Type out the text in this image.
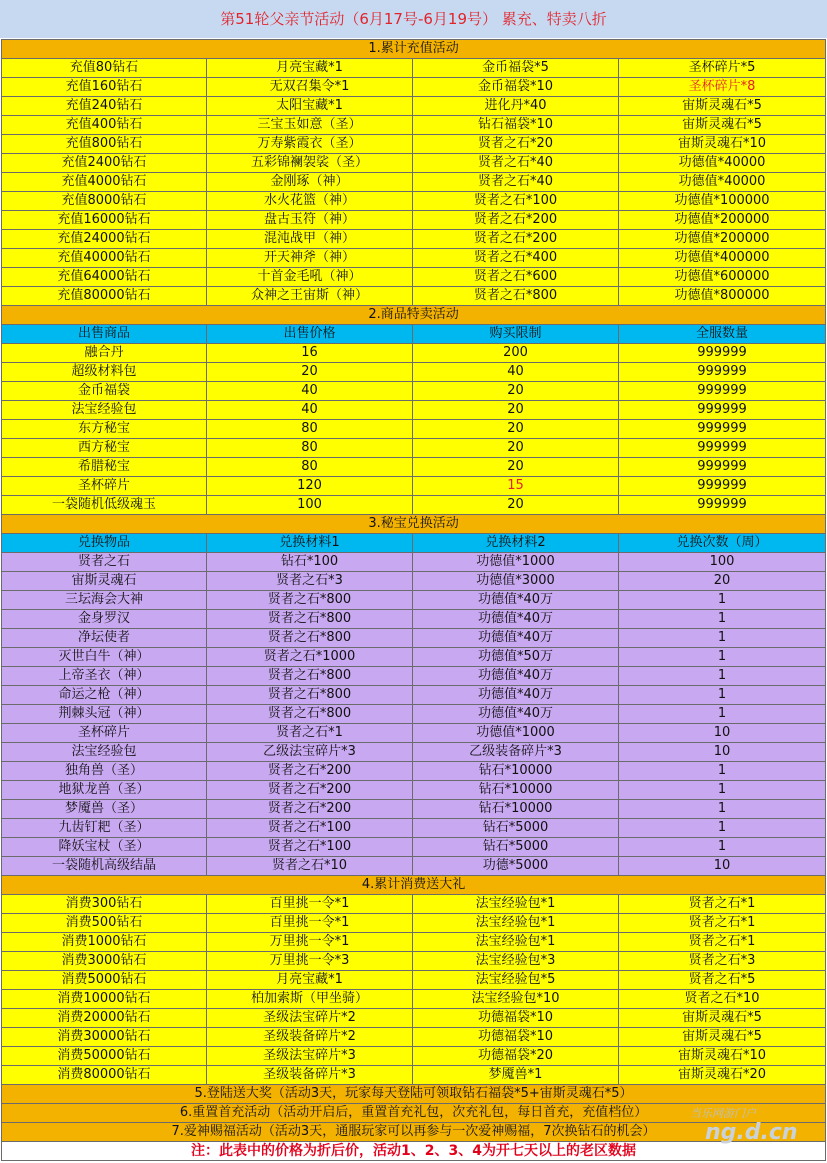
第51轮父亲节活动（6月17号-6月19号） 累充、特卖八折
1.累计充值活动			
充值80钻石	月亮宝藏*1	金币福袋*5	圣杯碎片*5
充值160钻石	无双召集令*1	金币福袋*10	圣杯碎片*8
充值240钻石	太阳宝藏*1	进化丹*40	宙斯灵魂石*5
充值400钻石	三宝玉如意（圣）	钻石福袋*10	宙斯灵魂石*5
充值800钻石	万寿紫霞衣（圣）	贤者之石*20	宙斯灵魂石*10
充值2400钻石	五彩锦襕袈裟（圣）	贤者之石*40	功德值*40000
充值4000钻石	金刚琢（神）	贤者之石*40	功德值*40000
充值8000钻石	水火花篮（神）	贤者之石*100	功德值*100000
充值16000钻石	盘古玉符（神）	贤者之石*200	功德值*200000
充值24000钻石	混沌战甲（神）	贤者之石*200	功德值*200000
充值40000钻石	开天神斧（神）	贤者之石*400	功德值*400000
充值64000钻石	十首金毛吼（神）	贤者之石*600	功德值*600000
充值80000钻石	众神之王宙斯（神）	贤者之石*800	功德值*800000
2.商品特卖活动			
出售商品	出售价格	购买限制	全服数量
融合丹	16	200	999999
超级材料包	20	40	999999
金币福袋	40	20	999999
法宝经验包	40	20	999999
东方秘宝	80	20	999999
西方秘宝	80	20	999999
希腊秘宝	80	20	999999
圣杯碎片	120	15	999999
一袋随机低级魂玉	100	20	999999
3.秘宝兑换活动			
兑换物品	兑换材料1	兑换材料2	兑换次数（周）
贤者之石	钻石*100	功德值*1000	100
宙斯灵魂石	贤者之石*3	功德值*3000	20
三坛海会大神	贤者之石*800	功德值*40万	1
金身罗汉	贤者之石*800	功德值*40万	1
净坛使者	贤者之石*800	功德值*40万	1
灭世白牛（神）	贤者之石*1000	功德值*50万	1
上帝圣衣（神）	贤者之石*800	功德值*40万	1
命运之枪（神）	贤者之石*800	功德值*40万	1
荆棘头冠（神）	贤者之石*800	功德值*40万	1
圣杯碎片	贤者之石*1	功德值*1000	10
法宝经验包	乙级法宝碎片*3	乙级装备碎片*3	10
独角兽（圣）	贤者之石*200	钻石*10000	1
地狱龙兽（圣）	贤者之石*200	钻石*10000	1
梦魇兽（圣）	贤者之石*200	钻石*10000	1
九齿钉耙（圣）	贤者之石*100	钻石*5000	1
降妖宝杖（圣）	贤者之石*100	钻石*5000	1
一袋随机高级结晶	贤者之石*10	功德*5000	10
4.累计消费送大礼			
消费300钻石	百里挑一令*1	法宝经验包*1	贤者之石*1
消费500钻石	百里挑一令*1	法宝经验包*1	贤者之石*1
消费1000钻石	万里挑一令*1	法宝经验包*1	贤者之石*1
消费3000钻石	万里挑一令*3	法宝经验包*3	贤者之石*3
消费5000钻石	月亮宝藏*1	法宝经验包*5	贤者之石*5
消费10000钻石	柏加索斯（甲坐骑）	法宝经验包*10	贤者之石*10
消费20000钻石	圣级法宝碎片*2	功德福袋*10	宙斯灵魂石*5
消费30000钻石	圣级装备碎片*2	功德福袋*10	宙斯灵魂石*5
消费50000钻石	圣级法宝碎片*3	功德福袋*20	宙斯灵魂石*10
消费80000钻石	圣级装备碎片*3	梦魇兽*1	宙斯灵魂石*20
5.登陆送大奖（活动3天，玩家每天登陆可领取钻石福袋*5+宙斯灵魂石*5）			
6.重置首充活动（活动开启后，重置首充礼包，次充礼包，每日首充，充值档位）			
7.爱神赐福活动（活动3天，通服玩家可以再参与一次爱神赐福，7次换钻石的机会）			
注：此表中的价格为折后价，活动1、2、3、4为开七天以上的老区数据			
当乐网游门户
ng.d.cn
